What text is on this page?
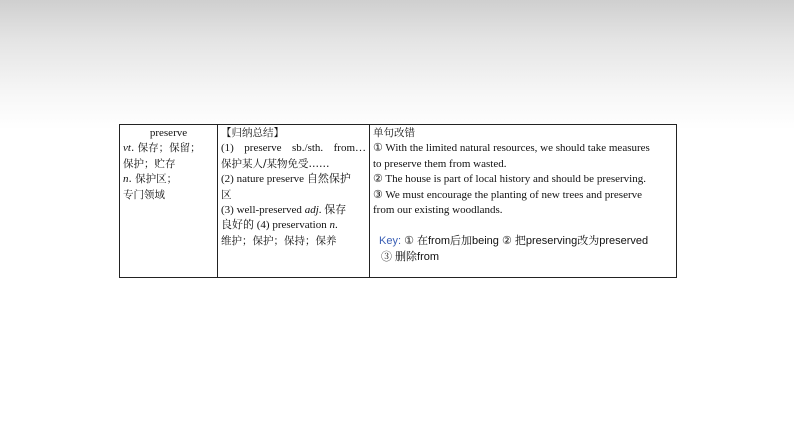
preserve
vt. 保存；保留；
保护；贮存
n. 保护区；
专门领域

【归纳总结】
(1) preserve sb./sth. from…
保护某人/某物免受……
(2) nature preserve 自然保护
区
(3) well-preserved adj. 保存
良好的 (4) preservation n.
维护；保护；保持；保养

单句改错
① With the limited natural resources, we should take measures
to preserve them from wasted.
② The house is part of local history and should be preserving.
③ We must encourage the planting of new trees and preserve
from our existing woodlands.
Key: ① 在from后加being ② 把preserving改为preserved
③ 删除from
